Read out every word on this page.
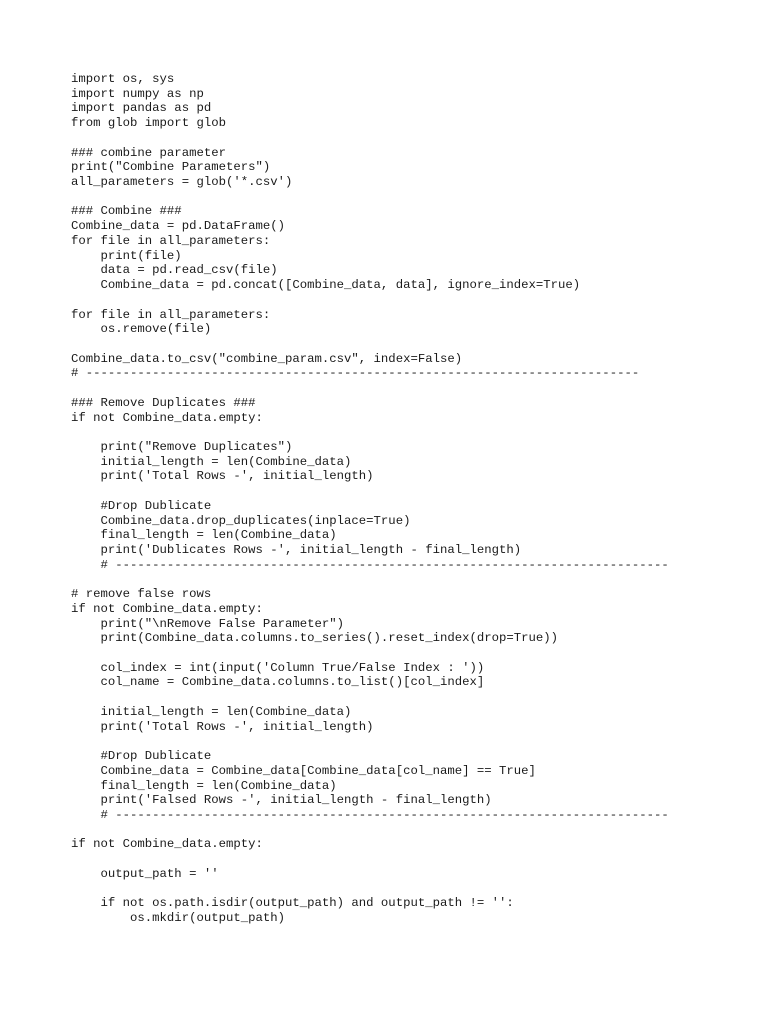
import os, sys
import numpy as np
import pandas as pd
from glob import glob
### combine parameter
print("Combine Parameters")
all_parameters = glob('*.csv')
### Combine ###
Combine_data = pd.DataFrame()
for file in all_parameters:
print(file)
data = pd.read_csv(file)
Combine_data = pd.concat([Combine_data, data], ignore_index=True)
for file in all_parameters:
os.remove(file)
Combine_data.to_csv("combine_param.csv", index=False)
# ---------------------------------------------------------------------------
### Remove Duplicates ###
if not Combine_data.empty:
print("Remove Duplicates")
initial_length = len(Combine_data)
print('Total Rows -', initial_length)
#Drop Dublicate
Combine_data.drop_duplicates(inplace=True)
final_length = len(Combine_data)
print('Dublicates Rows -', initial_length - final_length)
# ---------------------------------------------------------------------------
# remove false rows
if not Combine_data.empty:
print("\nRemove False Parameter")
print(Combine_data.columns.to_series().reset_index(drop=True))
col_index = int(input('Column True/False Index : '))
col_name = Combine_data.columns.to_list()[col_index]
initial_length = len(Combine_data)
print('Total Rows -', initial_length)
#Drop Dublicate
Combine_data = Combine_data[Combine_data[col_name] == True]
final_length = len(Combine_data)
print('Falsed Rows -', initial_length - final_length)
# ---------------------------------------------------------------------------
if not Combine_data.empty:
output_path = ''
if not os.path.isdir(output_path) and output_path != '':
os.mkdir(output_path)
